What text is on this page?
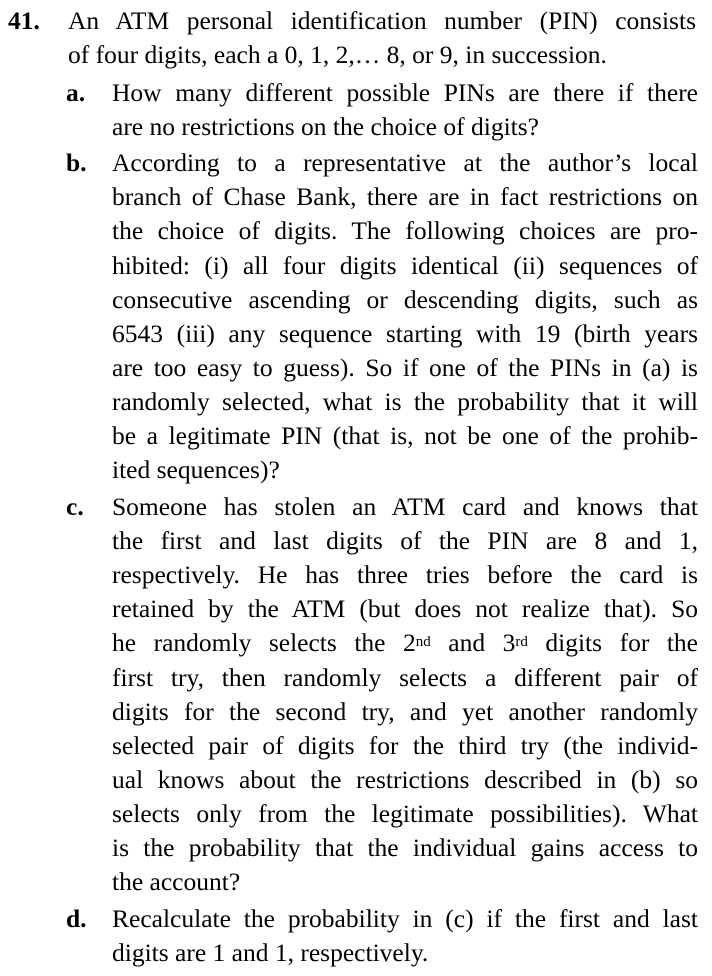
41. An ATM personal identification number (PIN) consists
of four digits, each a 0, 1, 2,… 8, or 9, in succession.
a. How many different possible PINs are there if there
are no restrictions on the choice of digits?
b. According to a representative at the author’s local
branch of Chase Bank, there are in fact restrictions on
the choice of digits. The following choices are pro-
hibited: (i) all four digits identical (ii) sequences of
consecutive ascending or descending digits, such as
6543 (iii) any sequence starting with 19 (birth years
are too easy to guess). So if one of the PINs in (a) is
randomly selected, what is the probability that it will
be a legitimate PIN (that is, not be one of the prohib-
ited sequences)?
c. Someone has stolen an ATM card and knows that
the first and last digits of the PIN are 8 and 1,
respectively. He has three tries before the card is
retained by the ATM (but does not realize that). So
he randomly selects the 2nd and 3rd digits for the
first try, then randomly selects a different pair of
digits for the second try, and yet another randomly
selected pair of digits for the third try (the individ-
ual knows about the restrictions described in (b) so
selects only from the legitimate possibilities). What
is the probability that the individual gains access to
the account?
d. Recalculate the probability in (c) if the first and last
digits are 1 and 1, respectively.
